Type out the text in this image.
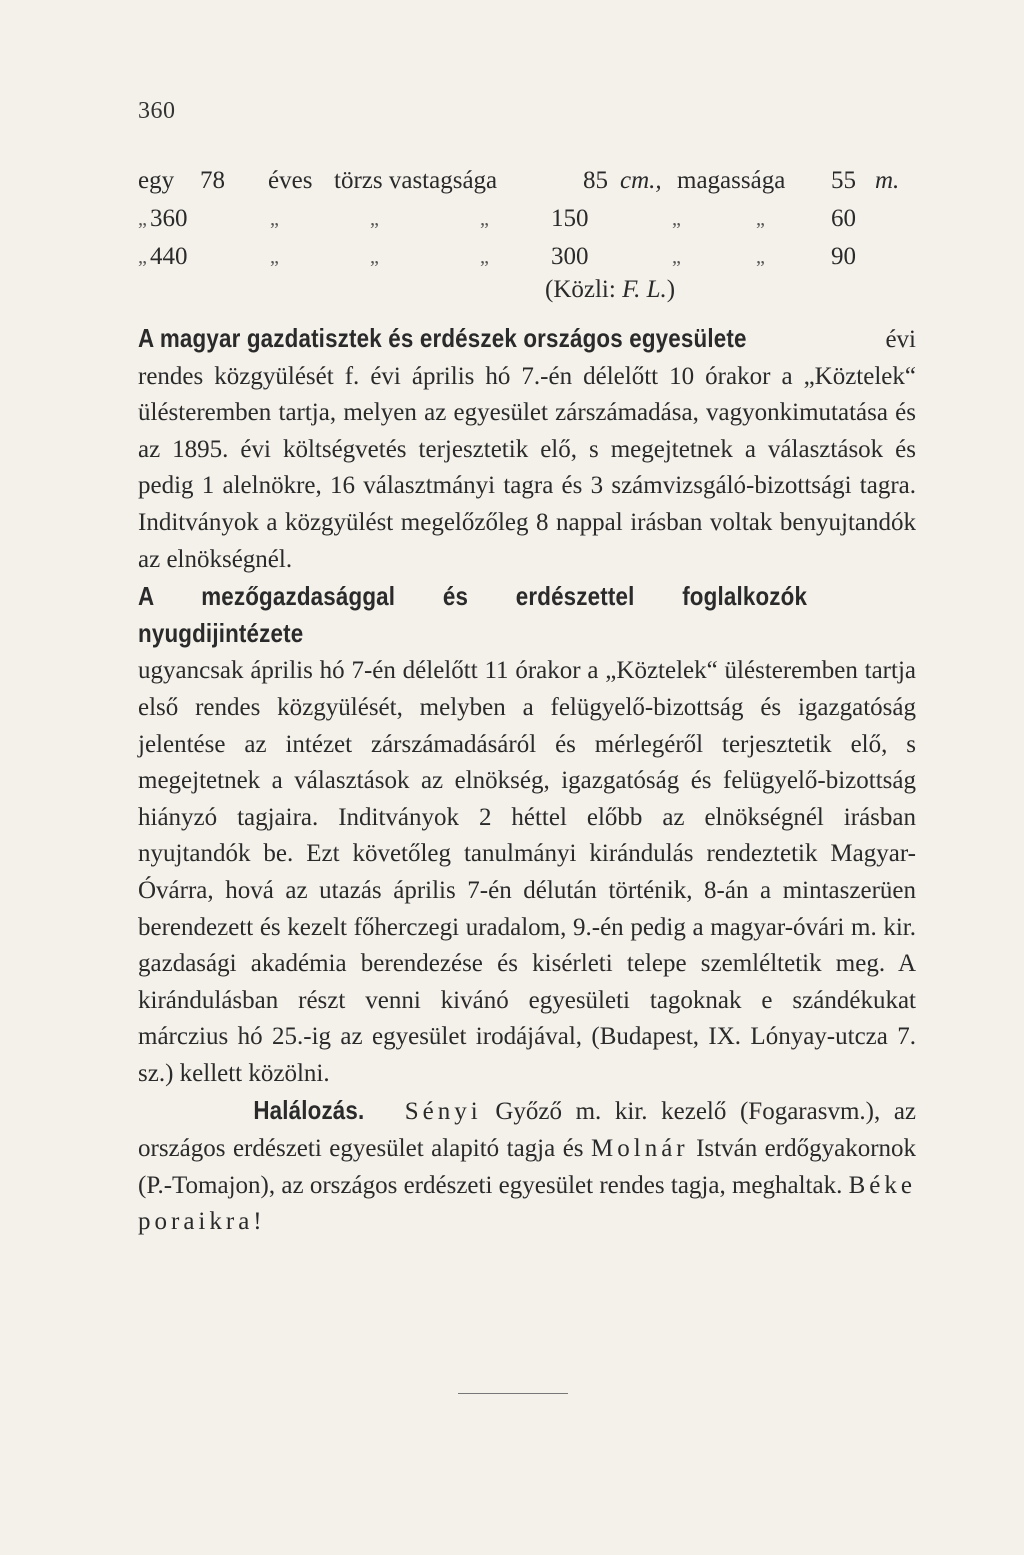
360
egy 78 éves törzs vastagsága	85 cm., magassága 55 m.
„ 360	„	„	„ 150	„	„	60
„ 440	„	„	„ 300	„	„	90
(Közli: F. L.)

A magyar gazdatisztek és erdészek országos egyesülete	évi rendes közgyülését f. évi április hó 7.-én délelőtt 10 órakor a „Köztelek“ ülésteremben tartja, melyen az egyesület zárszámadása, vagyonkimutatása és az 1895. évi költségvetés terjesztetik elő, s megejtetnek a választások és pedig 1 alelnökre, 16 választmányi tagra és 3 számvizsgáló-bizottsági tagra. Inditványok a közgyülést megelőzőleg 8 nappal irásban voltak benyujtandók az elnökségnél.

A mezőgazdasággal és erdészettel foglalkozók nyugdijintézete ugyancsak április hó 7-én délelőtt 11 órakor a „Köztelek“ ülésteremben tartja első rendes közgyülését, melyben a felügyelő-bizottság és igazgatóság jelentése az intézet zárszámadásáról és mérlegéről terjesztetik elő, s megejtetnek a választások az elnökség, igazgatóság és felügyelő-bizottság hiányzó tagjaira. Inditványok 2 héttel előbb az elnökségnél irásban nyujtandók be. Ezt követőleg tanulmányi kirándulás rendeztetik Magyar-Óvárra, hová az utazás április 7-én délután történik, 8-án a mintaszerüen berendezett és kezelt főherczegi uradalom, 9.-én pedig a magyar-óvári m. kir. gazdasági akadémia berendezése és kisérleti telepe szemléltetik meg. A kirándulásban részt venni kivánó egyesületi tagoknak e szándékukat márczius hó 25.-ig az egyesület irodájával, (Budapest, IX. Lónyay-utcza 7. sz.) kellett közölni.

Halálozás. Sényi Győző m. kir. kezelő (Fogarasvm.), az országos erdészeti egyesület alapitó tagja és Molnár István erdőgyakornok (P.-Tomajon), az országos erdészeti egyesület rendes tagja, meghaltak. Béke poraikra!
